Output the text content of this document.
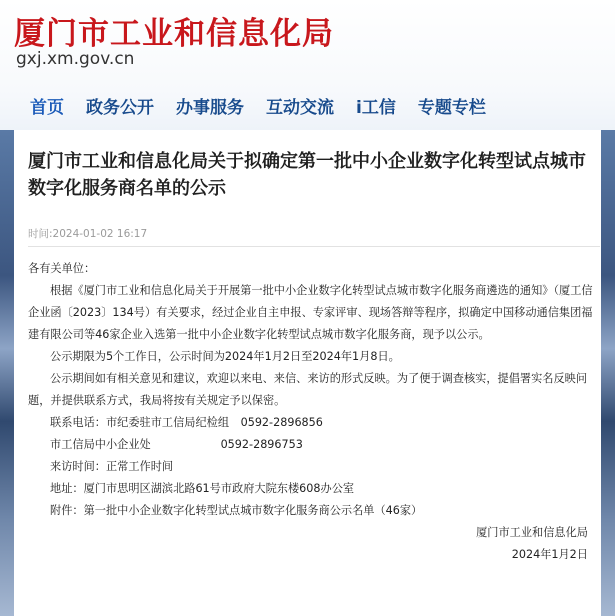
厦门市工业和信息化局
gxj.xm.gov.cn
首页 政务公开 办事服务 互动交流 i工信 专题专栏
厦门市工业和信息化局关于拟确定第一批中小企业数字化转型试点城市数字化服务商名单的公示
时间:2024-01-02 16:17

各有关单位：

根据《厦门市工业和信息化局关于开展第一批中小企业数字化转型试点城市数字化服务商遴选的通知》（厦工信企业函〔2023〕134号）有关要求，经过企业自主申报、专家评审、现场答辩等程序，拟确定中国移动通信集团福建有限公司等46家企业入选第一批中小企业数字化转型试点城市数字化服务商，现予以公示。

公示期限为5个工作日，公示时间为2024年1月2日至2024年1月8日。

公示期间如有相关意见和建议，欢迎以来电、来信、来访的形式反映。为了便于调查核实，提倡署实名反映问题，并提供联系方式，我局将按有关规定予以保密。

联系电话：市纪委驻市工信局纪检组 0592-2896856

市工信局中小企业处	0592-2896753

来访时间：正常工作时间

地址：厦门市思明区湖滨北路61号市政府大院东楼608办公室

附件：第一批中小企业数字化转型试点城市数字化服务商公示名单（46家）

厦门市工业和信息化局

2024年1月2日
